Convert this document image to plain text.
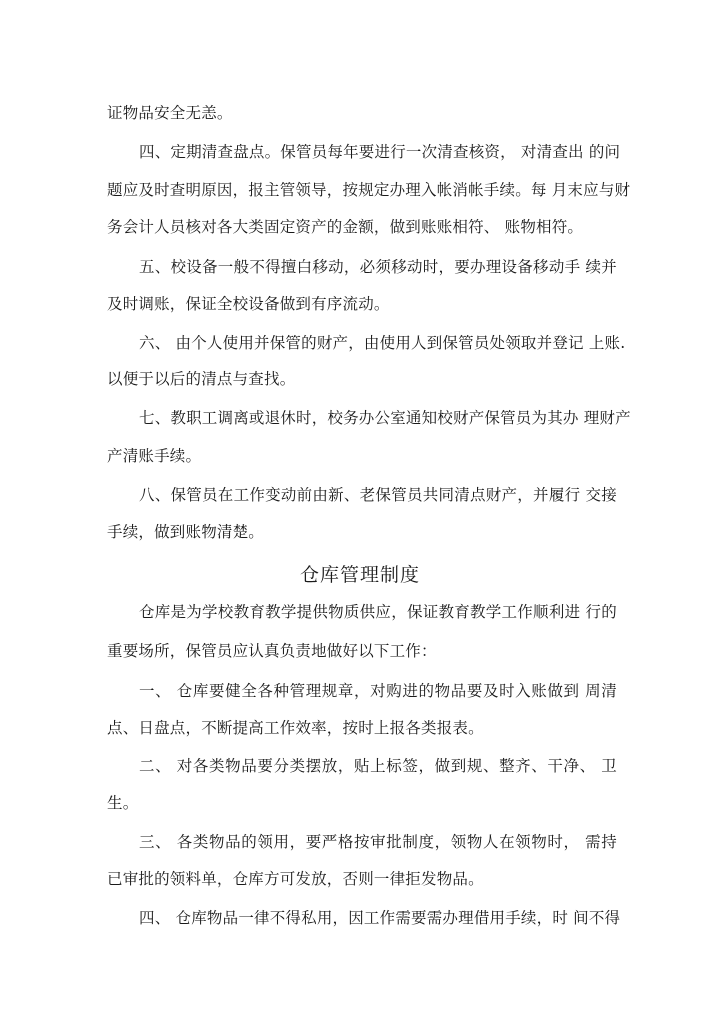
证物品安全无恙。
四、定期清查盘点。保管员每年要进行一次清查核资， 对清查出 的问
题应及时查明原因，报主管领导，按规定办理入帐消帐手续。每 月末应与财
务会计人员核对各大类固定资产的金额，做到账账相符、 账物相符。
五、校设备一般不得擅白移动，必须移动时，要办理设备移动手 续并
及时调账，保证全校设备做到有序流动。
六、 由个人使用并保管的财产，由使用人到保管员处领取并登记 上账.
以便于以后的清点与查找。
七、教职工调离或退休时，校务办公室通知校财产保管员为其办 理财产
产清账手续。
八、保管员在工作变动前由新、老保管员共同清点财产，并履行 交接
手续，做到账物清楚。
仓库管理制度
仓库是为学校教育教学提供物质供应，保证教育教学工作顺利进 行的
重要场所，保管员应认真负责地做好以下工作：
一、 仓库要健全各种管理规章，对购进的物品要及时入账做到 周清
点、日盘点，不断提高工作效率，按时上报各类报表。
二、 对各类物品要分类摆放，贴上标签，做到规、整齐、干净、 卫
生。
三、 各类物品的领用，要严格按审批制度，领物人在领物时， 需持
已审批的领料单，仓库方可发放，否则一律拒发物品。
四、 仓库物品一律不得私用，因工作需要需办理借用手续，时 间不得
